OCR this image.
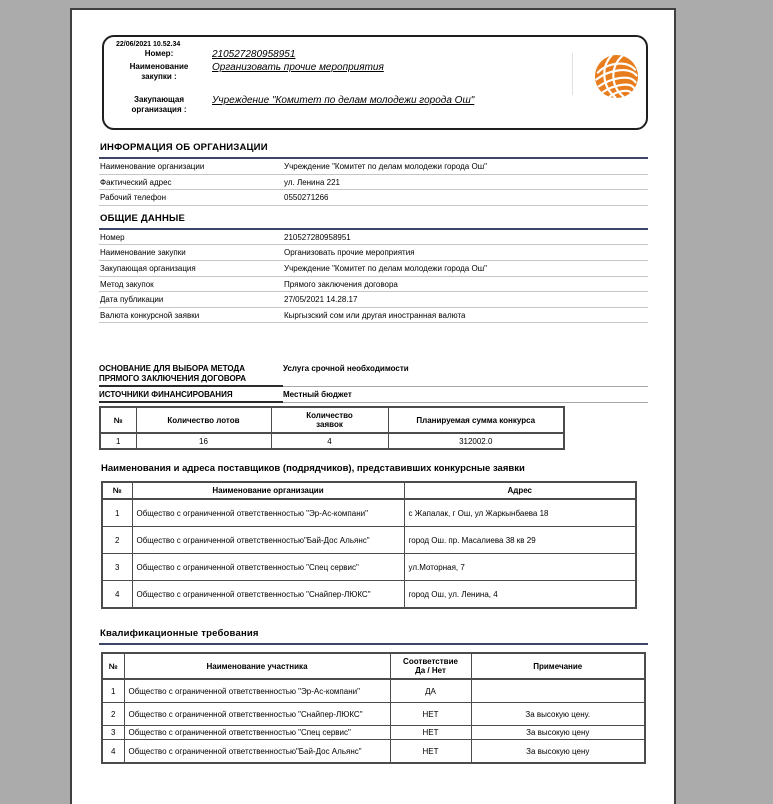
22/06/2021 10.52.34
Номер:	210527280958951
Наименование закупки :
Организовать прочие мероприятия
Закупающая организация :
Учреждение "Комитет по делам молодежи города Ош"
ИНФОРМАЦИЯ ОБ ОРГАНИЗАЦИИ
Наименование организации	Учреждение "Комитет по делам молодежи города Ош"
Фактический адрес	ул. Ленина 221
Рабочий телефон	0550271266
ОБЩИЕ ДАННЫЕ
Номер	210527280958951
Наименование закупки	Организовать прочие мероприятия
Закупающая организация	Учреждение "Комитет по делам молодежи города Ош"
Метод закупок	Прямого заключения договора
Дата публикации	27/05/2021 14.28.17
Валюта конкурсной заявки	Кыргызский сом или другая иностранная валюта
ОСНОВАНИЕ ДЛЯ ВЫБОРА МЕТОДА ПРЯМОГО ЗАКЛЮЧЕНИЯ ДОГОВОРА
Услуга срочной необходимости
ИСТОЧНИКИ ФИНАНСИРОВАНИЯ	Местный бюджет
№	Количество лотов	Количество заявок	Планируемая сумма конкурса
1	16	4	312002.0
Наименования и адреса поставщиков (подрядчиков), представивших конкурсные заявки
№	Наименование организации	Адрес
1	Общество с ограниченной ответственностью "Эр-Ас-компани"	с Жапалак, г Ош, ул Жаркынбаева 18
2	Общество с ограниченной ответственностью"Бай-Дос Альянс"	город Ош. пр. Масалиева 38 кв 29
3	Общество с ограниченной ответственностью "Спец сервис"	ул.Моторная, 7
4	Общество с ограниченной ответственностью "Снайпер-ЛЮКС"	город Ош, ул. Ленина, 4
Квалификационные требования
№	Наименование участника	Соответствие Да / Нет	Примечание
1	Общество с ограниченной ответственностью "Эр-Ас-компани"	ДА	
2	Общество с ограниченной ответственностью "Снайпер-ЛЮКС"	НЕТ	За высокую цену.
3	Общество с ограниченной ответственностью "Спец сервис"	НЕТ	За высокую цену
4	Общество с ограниченной ответственностью"Бай-Дос Альянс"	НЕТ	За высокую цену
